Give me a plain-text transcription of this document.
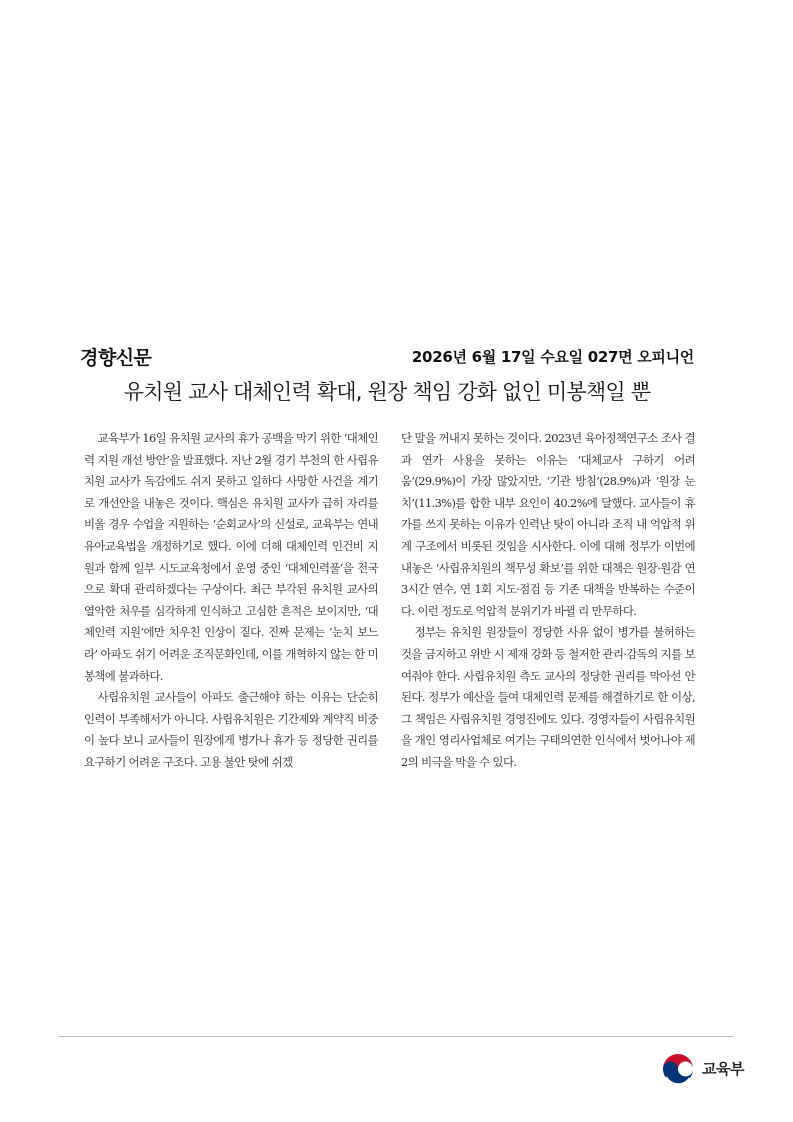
경향신문	2026년 6월 17일 수요일 027면 오피니언
유치원 교사 대체인력 확대, 원장 책임 강화 없인 미봉책일 뿐

교육부가 16일 유치원 교사의 휴가 공백을 막기 위한 ‘대체인력 지원 개선 방안’을 발표했다. 지난 2월 경기 부천의 한 사립유치원 교사가 독감에도 쉬지 못하고 일하다 사망한 사건을 계기로 개선안을 내놓은 것이다. 핵심은 유치원 교사가 급히 자리를 비울 경우 수업을 지원하는 ‘순회교사’의 신설로, 교육부는 연내 유아교육법을 개정하기로 했다. 이에 더해 대체인력 인건비 지원과 함께 일부 시도교육청에서 운영 중인 ‘대체인력풀’을 전국으로 확대 관리하겠다는 구상이다. 최근 부각된 유치원 교사의 열악한 처우를 심각하게 인식하고 고심한 흔적은 보이지만, ‘대체인력 지원’에만 치우친 인상이 짙다. 진짜 문제는 ‘눈치 보느라’ 아파도 쉬기 어려운 조직문화인데, 이를 개혁하지 않는 한 미봉책에 불과하다.

사립유치원 교사들이 아파도 출근해야 하는 이유는 단순히 인력이 부족해서가 아니다. 사립유치원은 기간제와 계약직 비중이 높다 보니 교사들이 원장에게 병가나 휴가 등 정당한 권리를 요구하기 어려운 구조다. 고용 불안 탓에 쉬겠

단 말을 꺼내지 못하는 것이다. 2023년 육아정책연구소 조사 결과 연가 사용을 못하는 이유는 ‘대체교사 구하기 어려움’(29.9%)이 가장 많았지만, ‘기관 방침’(28.9%)과 ‘원장 눈치’(11.3%)를 합한 내부 요인이 40.2%에 달했다. 교사들이 휴가를 쓰지 못하는 이유가 인력난 탓이 아니라 조직 내 억압적 위계 구조에서 비롯된 것임을 시사한다. 이에 대해 정부가 이번에 내놓은 ‘사립유치원의 책무성 확보’를 위한 대책은 원장·원감 연 3시간 연수, 연 1회 지도·점검 등 기존 대책을 반복하는 수준이다. 이런 정도로 억압적 분위기가 바뀔 리 만무하다.

정부는 유치원 원장들이 정당한 사유 없이 병가를 불허하는 것을 금지하고 위반 시 제재 강화 등 철저한 관리·감독의 지를 보여줘야 한다. 사립유치원 측도 교사의 정당한 권리를 막아선 안 된다. 정부가 예산을 들여 대체인력 문제를 해결하기로 한 이상, 그 책임은 사립유치원 경영진에도 있다. 경영자들이 사립유치원을 개인 영리사업체로 여기는 구태의연한 인식에서 벗어나야 제2의 비극을 막을 수 있다.

교육부
